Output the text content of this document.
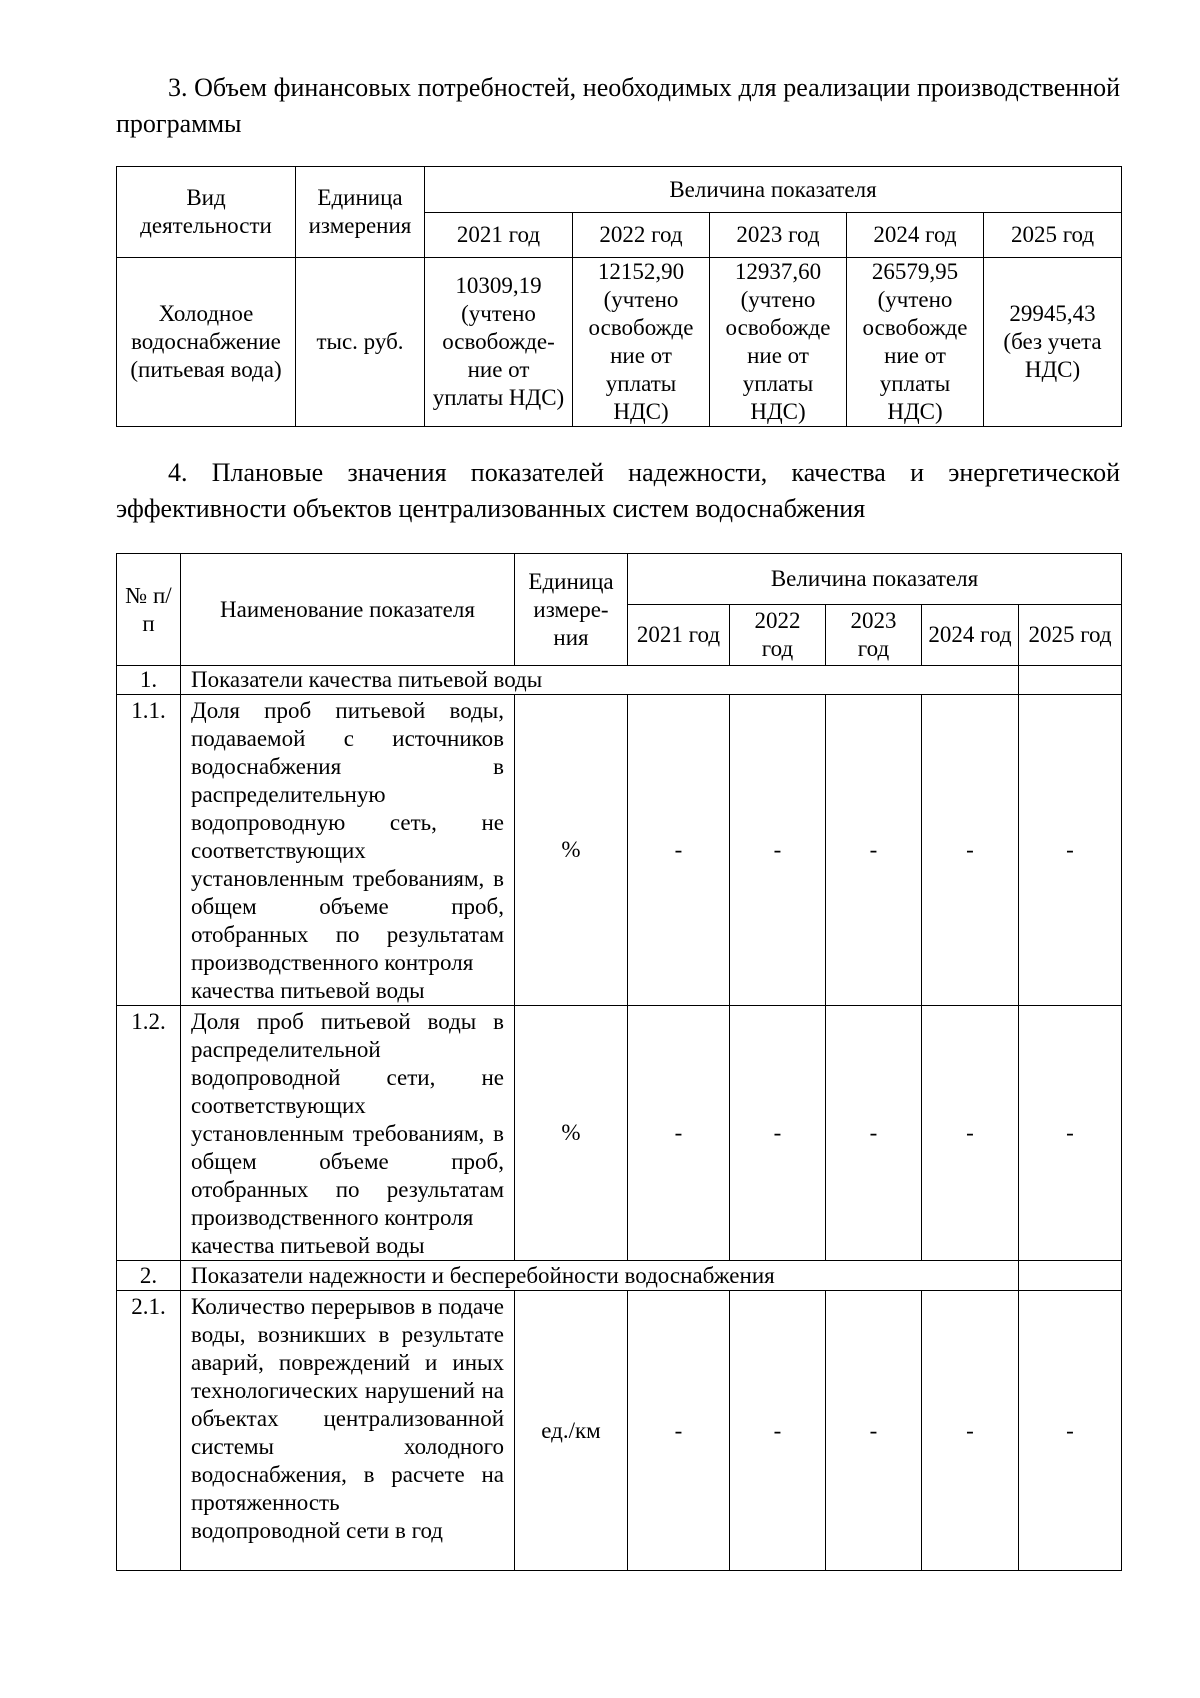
3. Объем финансовых потребностей, необходимых для реализации производственной программы

Вид деятельности	Единица измерения	Величина показателя				
		2021 год	2022 год	2023 год	2024 год	2025 год
Холодное водоснабжение (питьевая вода)	тыс. руб.	10309,19 (учтено освобожде-ние от уплаты НДС)	12152,90 (учтено освобожде ние от уплаты НДС)	12937,60 (учтено освобожде ние от уплаты НДС)	26579,95 (учтено освобожде ние от уплаты НДС)	29945,43 (без учета НДС)

4. Плановые значения показателей надежности, качества и энергетической эффективности объектов централизованных систем водоснабжения

№ п/п	Наименование показателя	Единица измере-ния	Величина показателя				
			2021 год	2022 год	2023 год	2024 год	2025 год
1.	Показатели качества питьевой воды						
1.1.	Доля проб питьевой воды, подаваемой с источников водоснабжения в распределительную водопроводную сеть, не соответствующих установленным требованиям, в общем объеме проб, отобранных по результатам производственного контроля
качества питьевой воды	%	-	-	-	-	-
1.2.	Доля проб питьевой воды в распределительной водопроводной сети, не соответствующих установленным требованиям, в общем объеме проб, отобранных по результатам производственного контроля
качества питьевой воды	%	-	-	-	-	-
2.	Показатели надежности и бесперебойности водоснабжения						
2.1.	Количество перерывов в подаче воды, возникших в результате аварий, повреждений и иных технологических нарушений на объектах централизованной системы холодного водоснабжения, в расчете на протяженность
водопроводной сети в год	ед./км	-	-	-	-	-
